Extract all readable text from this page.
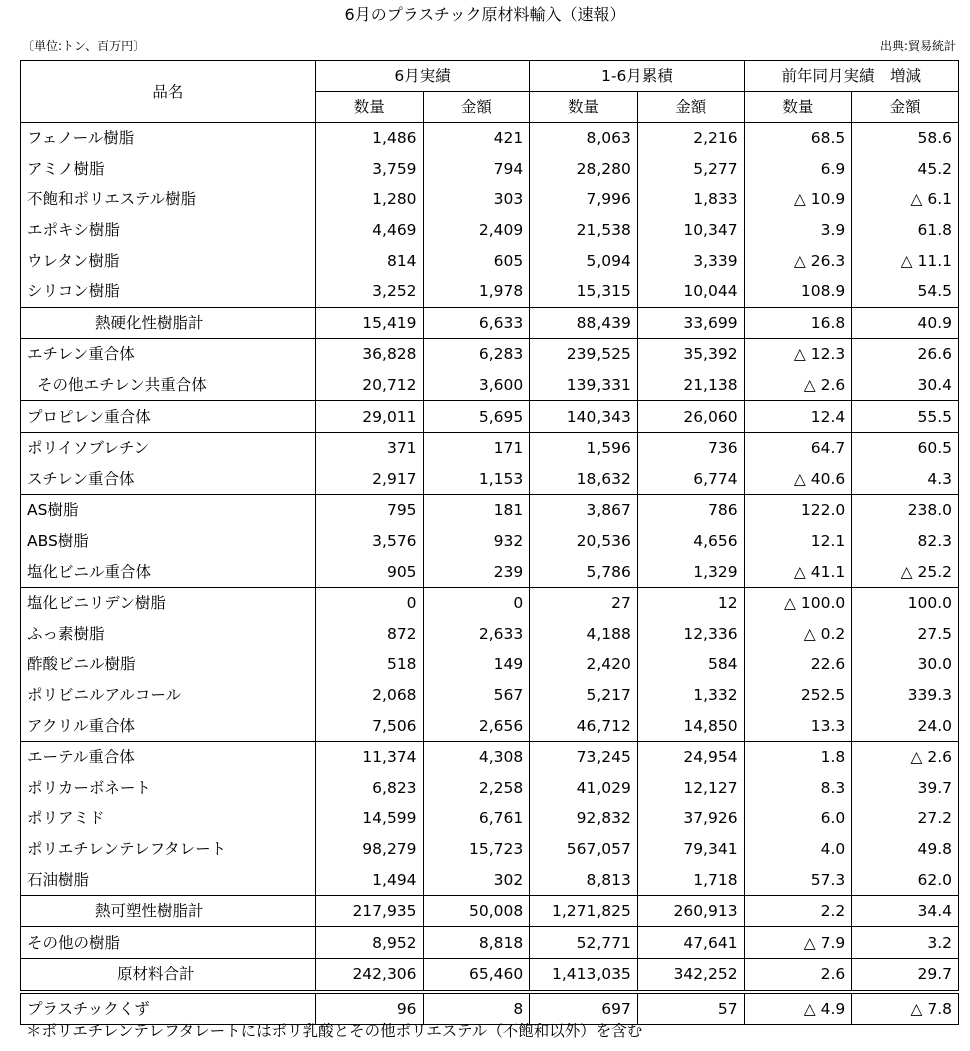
6月のプラスチック原材料輸入（速報）
〔単位:トン、百万円〕	出典:貿易統計
品名	6月実績		1-6月累積		前年同月実績　増減	
	数量	金額	数量	金額	数量	金額
フェノール樹脂	1,486	421	8,063	2,216	68.5	58.6
アミノ樹脂	3,759	794	28,280	5,277	6.9	45.2
不飽和ポリエステル樹脂	1,280	303	7,996	1,833	△ 10.9	△ 6.1
エポキシ樹脂	4,469	2,409	21,538	10,347	3.9	61.8
ウレタン樹脂	814	605	5,094	3,339	△ 26.3	△ 11.1
シリコン樹脂	3,252	1,978	15,315	10,044	108.9	54.5
熱硬化性樹脂計	15,419	6,633	88,439	33,699	16.8	40.9
エチレン重合体	36,828	6,283	239,525	35,392	△ 12.3	26.6
その他エチレン共重合体	20,712	3,600	139,331	21,138	△ 2.6	30.4
プロピレン重合体	29,011	5,695	140,343	26,060	12.4	55.5
ポリイソブレチン	371	171	1,596	736	64.7	60.5
スチレン重合体	2,917	1,153	18,632	6,774	△ 40.6	4.3
AS樹脂	795	181	3,867	786	122.0	238.0
ABS樹脂	3,576	932	20,536	4,656	12.1	82.3
塩化ビニル重合体	905	239	5,786	1,329	△ 41.1	△ 25.2
塩化ビニリデン樹脂	0	0	27	12	△ 100.0	100.0
ふっ素樹脂	872	2,633	4,188	12,336	△ 0.2	27.5
酢酸ビニル樹脂	518	149	2,420	584	22.6	30.0
ポリビニルアルコール	2,068	567	5,217	1,332	252.5	339.3
アクリル重合体	7,506	2,656	46,712	14,850	13.3	24.0
エーテル重合体	11,374	4,308	73,245	24,954	1.8	△ 2.6
ポリカーボネート	6,823	2,258	41,029	12,127	8.3	39.7
ポリアミド	14,599	6,761	92,832	37,926	6.0	27.2
ポリエチレンテレフタレート	98,279	15,723	567,057	79,341	4.0	49.8
石油樹脂	1,494	302	8,813	1,718	57.3	62.0
熱可塑性樹脂計	217,935	50,008	1,271,825	260,913	2.2	34.4
その他の樹脂	8,952	8,818	52,771	47,641	△ 7.9	3.2
原材料合計	242,306	65,460	1,413,035	342,252	2.6	29.7
プラスチックくず	96	8	697	57	△ 4.9	△ 7.8
＊ポリエチレンテレフタレートにはポリ乳酸とその他ポリエステル（不飽和以外）を含む
